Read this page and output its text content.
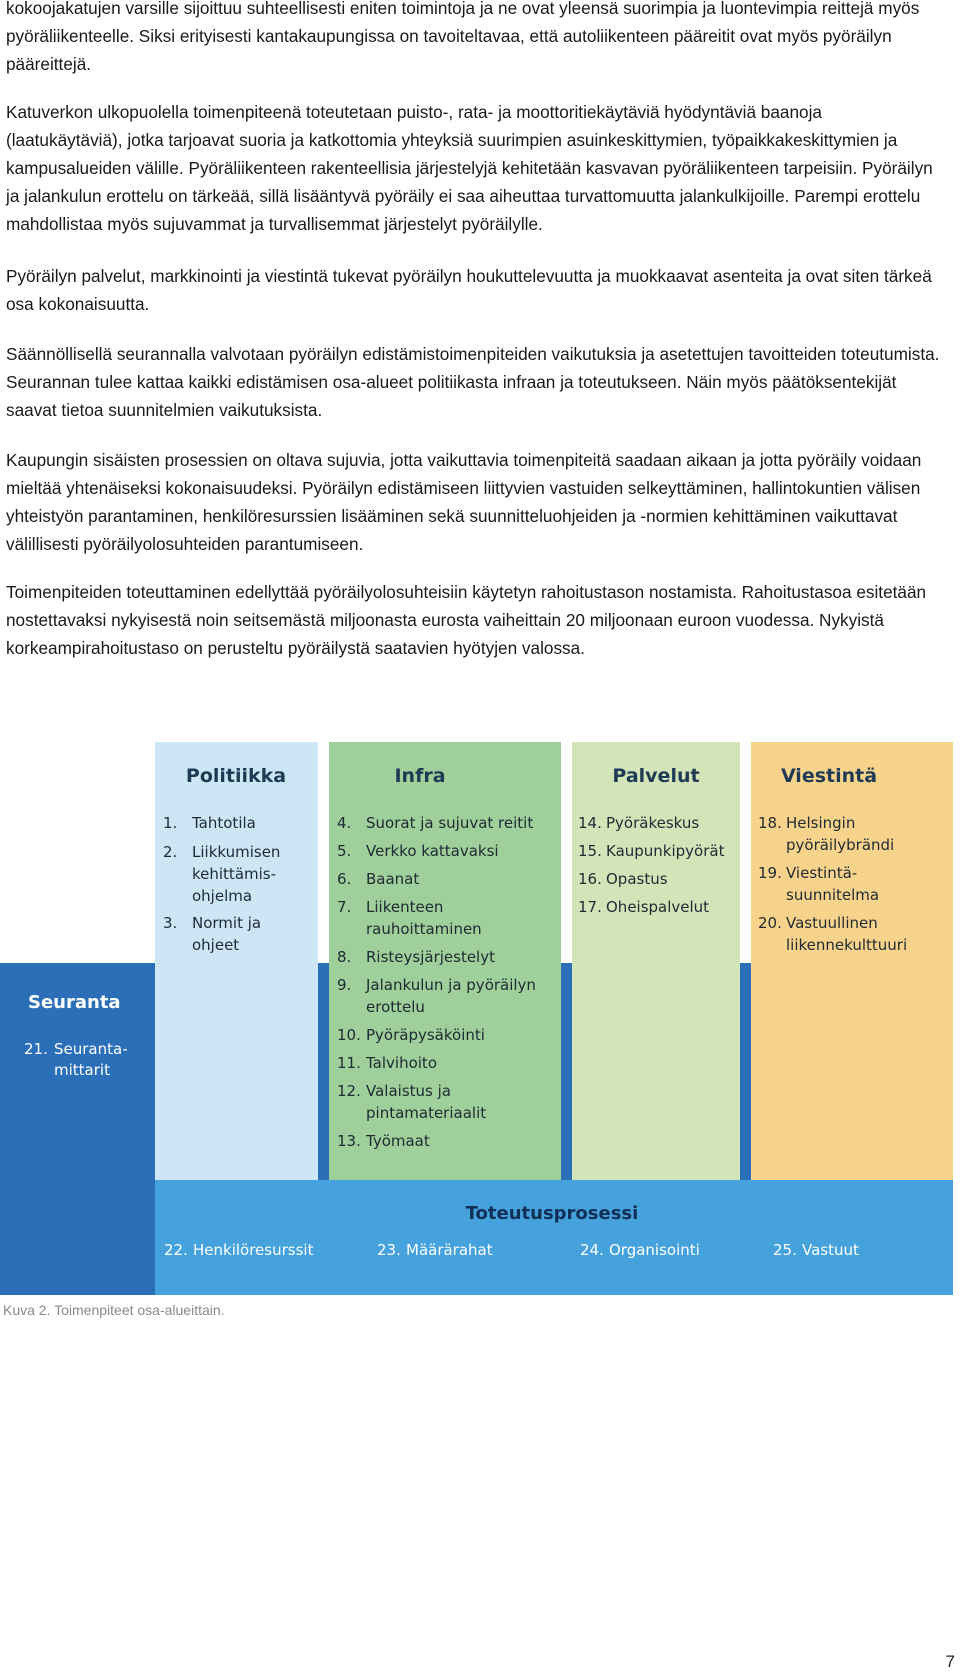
kokoojakatujen varsille sijoittuu suhteellisesti eniten toimintoja ja ne ovat yleensä suorimpia ja luontevimpia reittejä myös pyöräliikenteelle. Siksi erityisesti kantakaupungissa on tavoiteltavaa, että autoliikenteen pääreitit ovat myös pyöräilyn pääreittejä.

Katuverkon ulkopuolella toimenpiteenä toteutetaan puisto-, rata- ja moottoritiekäytäviä hyödyntäviä baanoja (laatukäytäviä), jotka tarjoavat suoria ja katkottomia yhteyksiä suurimpien asuinkeskittymien, työpaikkakeskittymien ja kampusalueiden välille. Pyöräliikenteen rakenteellisia järjestelyjä kehitetään kasvavan pyöräliikenteen tarpeisiin. Pyöräilyn ja jalankulun erottelu on tärkeää, sillä lisääntyvä pyöräily ei saa aiheuttaa turvattomuutta jalankulkijoille. Parempi erottelu mahdollistaa myös sujuvammat ja turvallisemmat järjestelyt pyöräilylle.

Pyöräilyn palvelut, markkinointi ja viestintä tukevat pyöräilyn houkuttelevuutta ja muokkaavat asenteita ja ovat siten tärkeä osa kokonaisuutta.

Säännöllisellä seurannalla valvotaan pyöräilyn edistämistoimenpiteiden vaikutuksia ja asetettujen tavoitteiden toteutumista. Seurannan tulee kattaa kaikki edistämisen osa-alueet politiikasta infraan ja toteutukseen. Näin myös päätöksentekijät saavat tietoa suunnitelmien vaikutuksista.

Kaupungin sisäisten prosessien on oltava sujuvia, jotta vaikuttavia toimenpiteitä saadaan aikaan ja jotta pyöräily voidaan mieltää yhtenäiseksi kokonaisuudeksi. Pyöräilyn edistämiseen liittyvien vastuiden selkeyttäminen, hallintokuntien välisen yhteistyön parantaminen, henkilöresurssien lisääminen sekä suunnitteluohjeiden ja -normien kehittäminen vaikuttavat välillisesti pyöräilyolosuhteiden parantumiseen.

Toimenpiteiden toteuttaminen edellyttää pyöräilyolosuhteisiin käytetyn rahoitustason nostamista. Rahoitustasoa esitetään nostettavaksi nykyisestä noin seitsemästä miljoonasta eurosta vaiheittain 20 miljoonaan euroon vuodessa. Nykyistä korkeampirahoitustaso on perusteltu pyöräilystä saatavien hyötyjen valossa.

Politiikka	Infra	Palvelut	Viestintä
1. Tahtotila
2. Liikkumisen
kehittämis-
ohjelma
3. Normit ja
ohjeet
4. Suorat ja sujuvat reitit
5. Verkko kattavaksi
6. Baanat
7. Liikenteen
rauhoittaminen
8. Risteysjärjestelyt
9. Jalankulun ja pyöräilyn
erottelu
10. Pyöräpysäköinti
11. Talvihoito
12. Valaistus ja
pintamateriaalit
13. Työmaat
14. Pyöräkeskus
15. Kaupunkipyörät
16. Opastus
17. Oheispalvelut
18. Helsingin
pyöräilybrändi
19. Viestintä-
suunnitelma
20. Vastuullinen
liikennekulttuuri
Seuranta
21. Seuranta-
mittarit
Toteutusprosessi
22. Henkilöresurssit	23. Määrärahat	24. Organisointi	25. Vastuut
Kuva 2. Toimenpiteet osa-alueittain.
7
